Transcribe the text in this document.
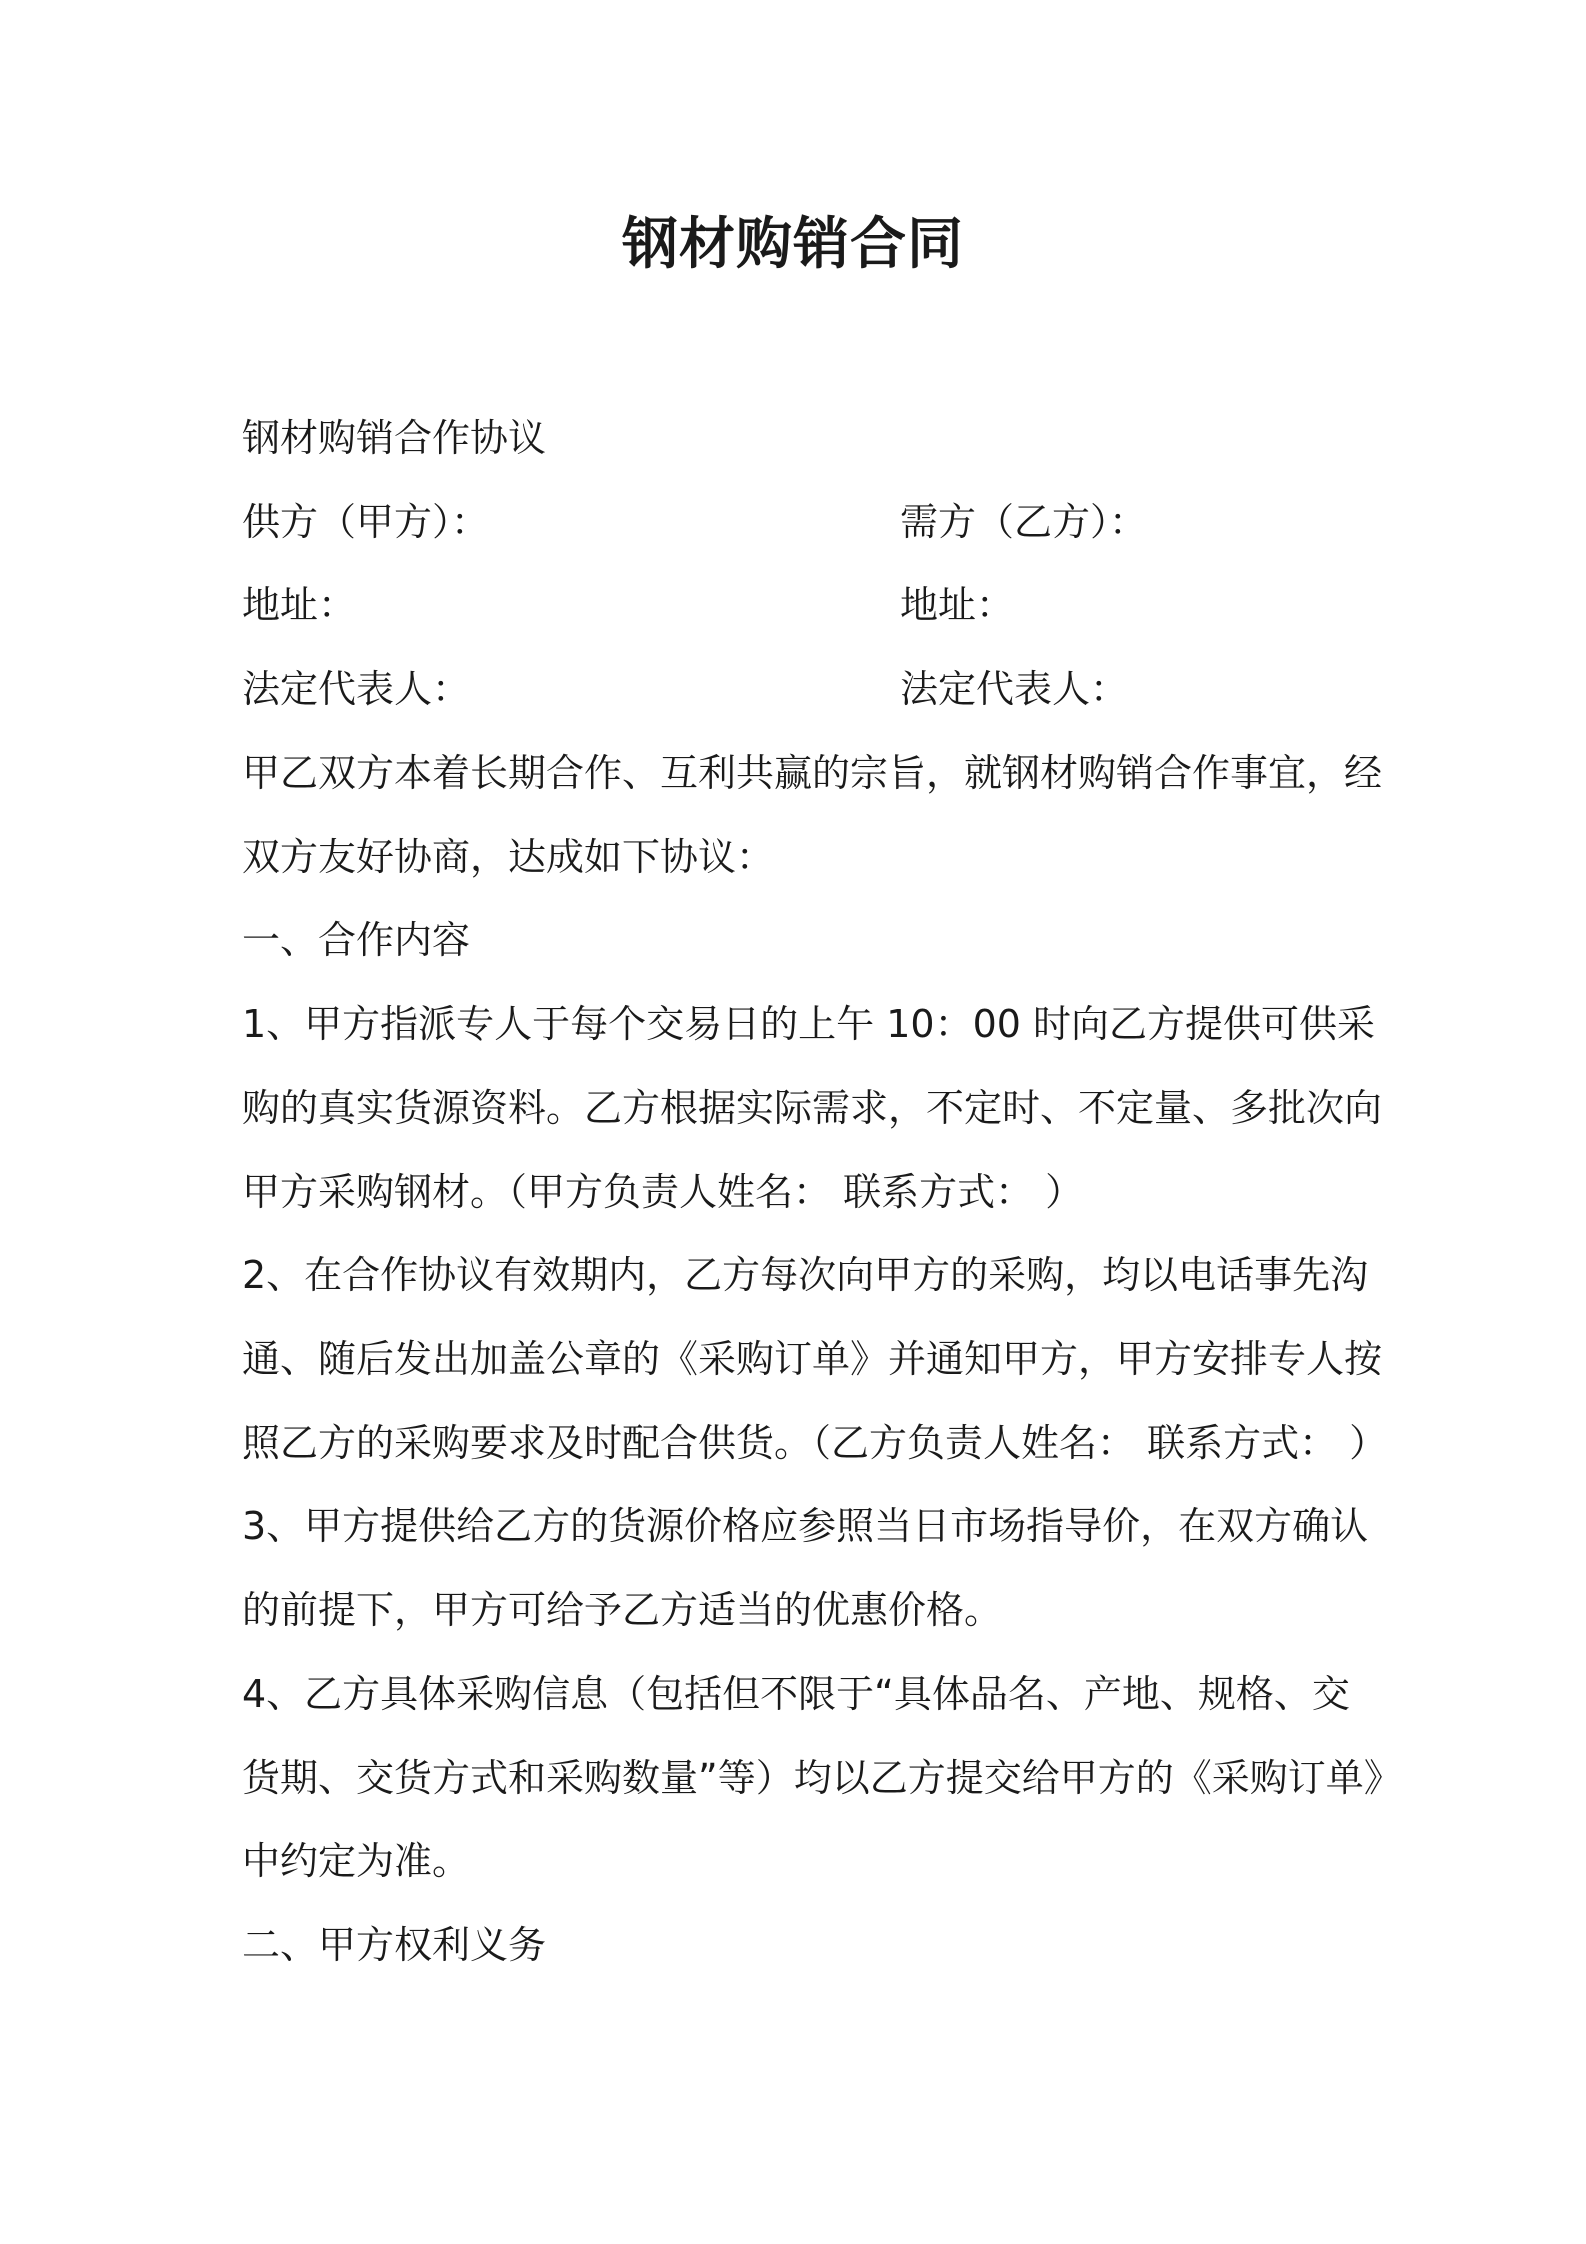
钢材购销合同

钢材购销合作协议

供方（甲方）：	需方（乙方）：

地址：	地址：

法定代表人：	法定代表人：

甲乙双方本着长期合作、互利共赢的宗旨，就钢材购销合作事宜，经

双方友好协商，达成如下协议：

一、合作内容

1、甲方指派专人于每个交易日的上午 10：00 时向乙方提供可供采

购的真实货源资料。乙方根据实际需求，不定时、不定量、多批次向

甲方采购钢材。（甲方负责人姓名： 联系方式： ）

2、在合作协议有效期内，乙方每次向甲方的采购，均以电话事先沟

通、随后发出加盖公章的《采购订单》并通知甲方，甲方安排专人按

照乙方的采购要求及时配合供货。（乙方负责人姓名： 联系方式： ）

3、甲方提供给乙方的货源价格应参照当日市场指导价，在双方确认

的前提下，甲方可给予乙方适当的优惠价格。

4、乙方具体采购信息（包括但不限于“具体品名、产地、规格、交

货期、交货方式和采购数量”等）均以乙方提交给甲方的《采购订单》

中约定为准。

二、甲方权利义务
